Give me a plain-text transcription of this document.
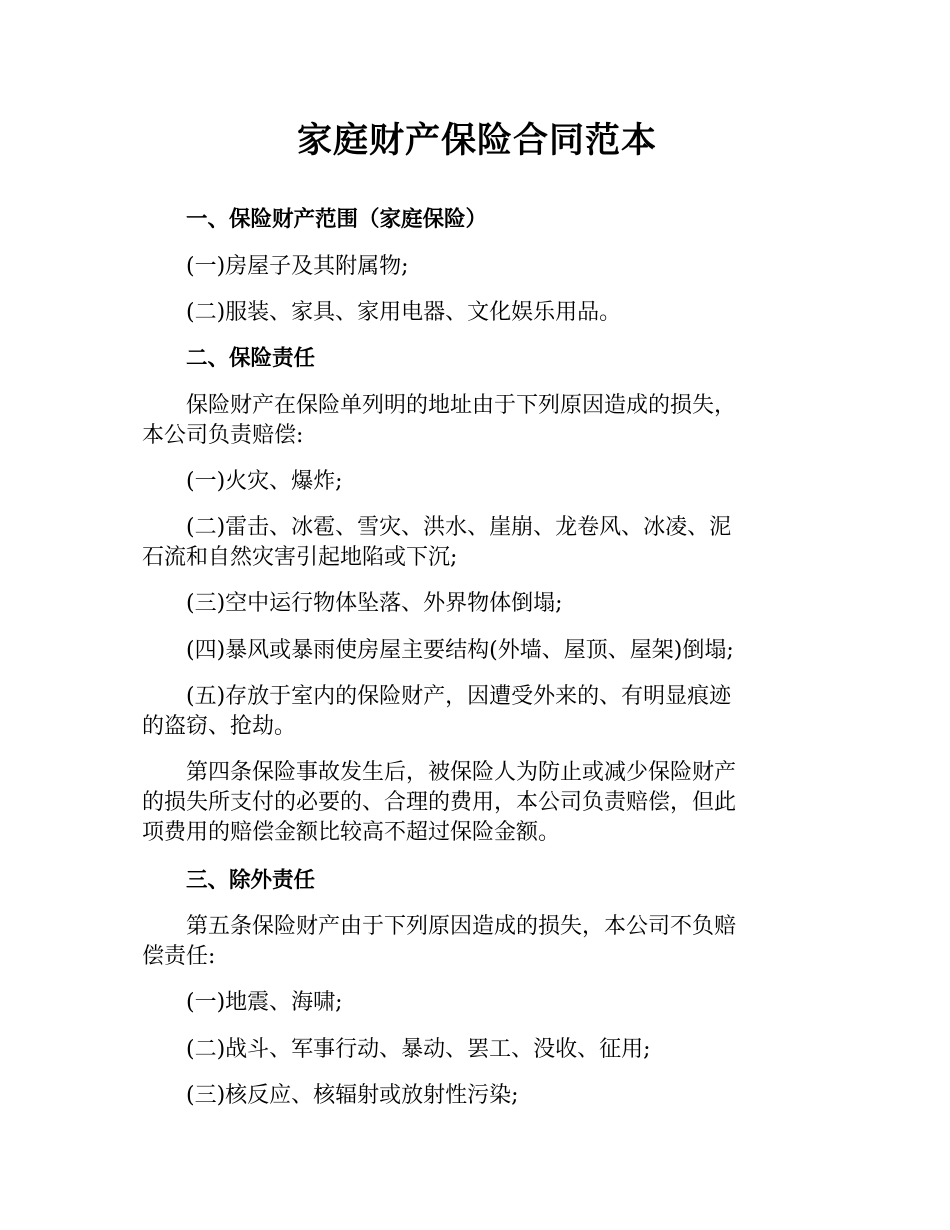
家庭财产保险合同范本

一、保险财产范围（家庭保险）

(一)房屋子及其附属物;

(二)服装、家具、家用电器、文化娱乐用品。

二、保险责任

保险财产在保险单列明的地址由于下列原因造成的损失，
本公司负责赔偿:

(一)火灾、爆炸;

(二)雷击、冰雹、雪灾、洪水、崖崩、龙卷风、冰凌、泥
石流和自然灾害引起地陷或下沉;

(三)空中运行物体坠落、外界物体倒塌;

(四)暴风或暴雨使房屋主要结构(外墙、屋顶、屋架)倒塌;

(五)存放于室内的保险财产，因遭受外来的、有明显痕迹
的盗窃、抢劫。
第四条保险事故发生后，被保险人为防止或减少保险财产
的损失所支付的必要的、合理的费用，本公司负责赔偿，但此
项费用的赔偿金额比较高不超过保险金额。

三、除外责任

第五条保险财产由于下列原因造成的损失，本公司不负赔
偿责任:

(一)地震、海啸;

(二)战斗、军事行动、暴动、罢工、没收、征用;

(三)核反应、核辐射或放射性污染;
